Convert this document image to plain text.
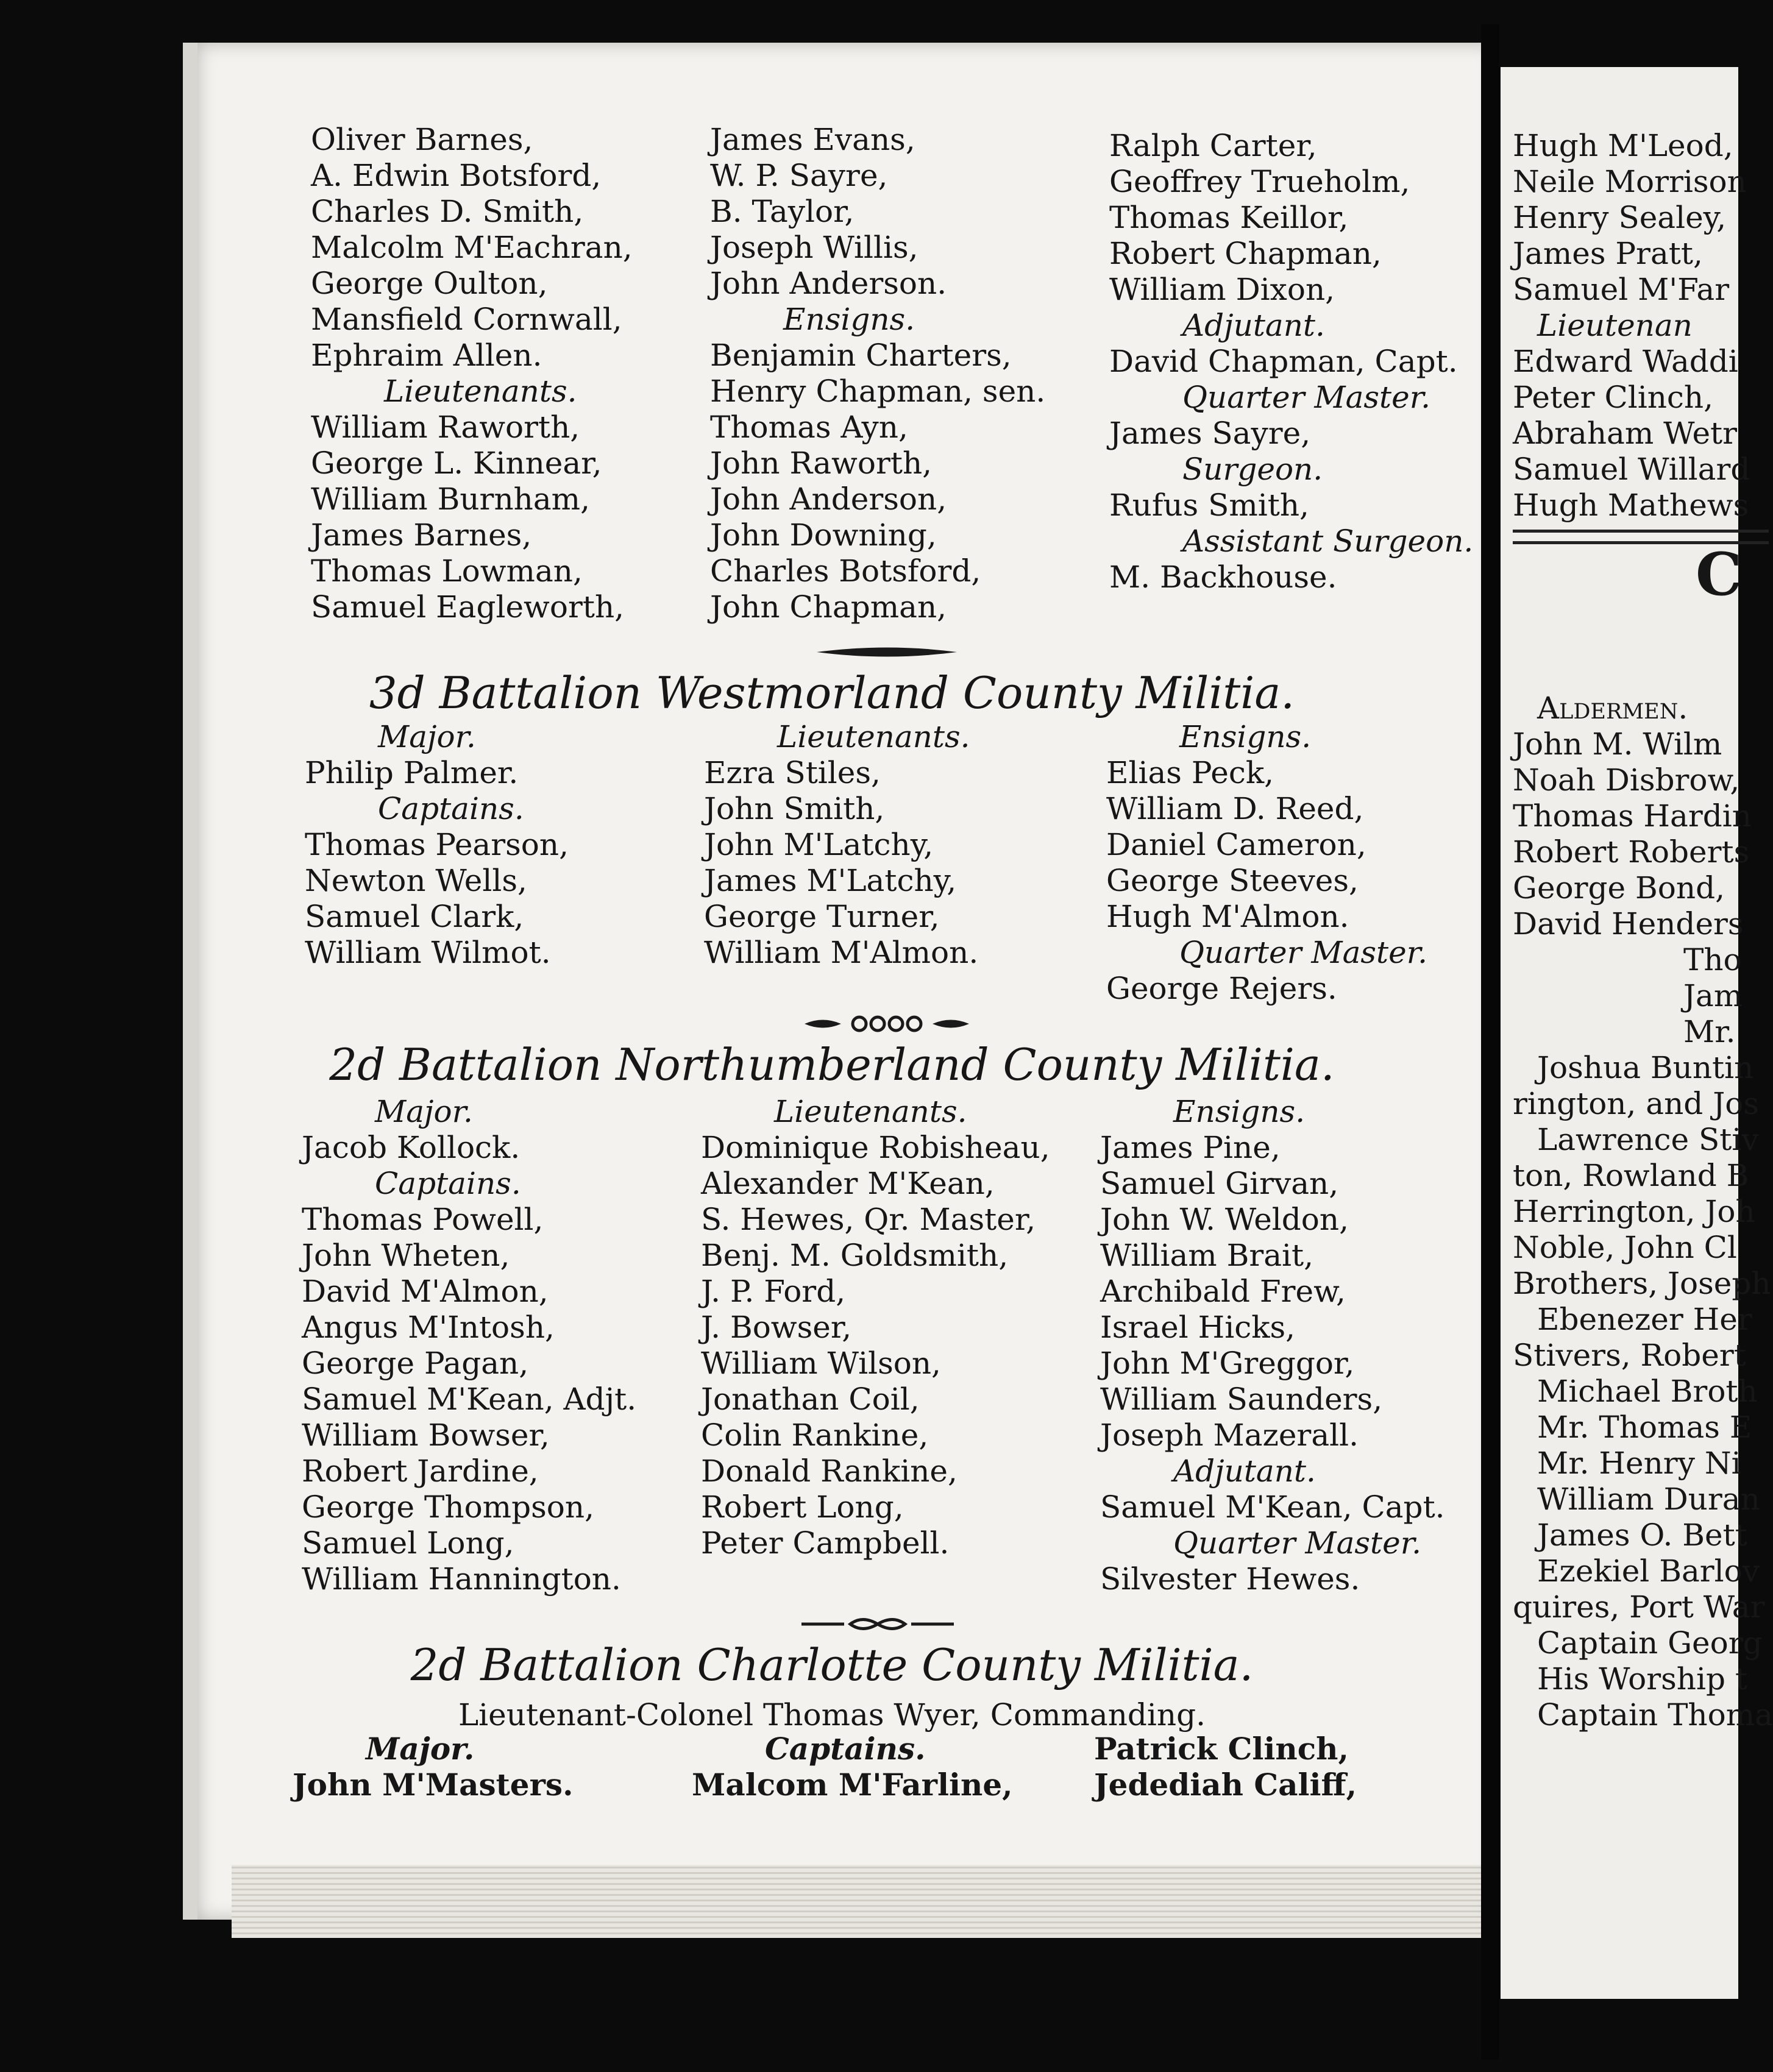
Oliver Barnes,
A. Edwin Botsford,
Charles D. Smith,
Malcolm M'Eachran,
George Oulton,
Mansfield Cornwall,
Ephraim Allen.
Lieutenants.
William Raworth,
George L. Kinnear,
William Burnham,
James Barnes,
Thomas Lowman,
Samuel Eagleworth,
James Evans,
W. P. Sayre,
B. Taylor,
Joseph Willis,
John Anderson.
Ensigns.
Benjamin Charters,
Henry Chapman, sen.
Thomas Ayn,
John Raworth,
John Anderson,
John Downing,
Charles Botsford,
John Chapman,
Ralph Carter,
Geoffrey Trueholm,
Thomas Keillor,
Robert Chapman,
William Dixon,
Adjutant.
David Chapman, Capt.
Quarter Master.
James Sayre,
Surgeon.
Rufus Smith,
Assistant Surgeon.
M. Backhouse.
3d Battalion Westmorland County Militia.
Major.
Philip Palmer.
Captains.
Thomas Pearson,
Newton Wells,
Samuel Clark,
William Wilmot.
Lieutenants.
Ezra Stiles,
John Smith,
John M'Latchy,
James M'Latchy,
George Turner,
William M'Almon.
Ensigns.
Elias Peck,
William D. Reed,
Daniel Cameron,
George Steeves,
Hugh M'Almon.
Quarter Master.
George Rejers.
2d Battalion Northumberland County Militia.
Major.
Jacob Kollock.
Captains.
Thomas Powell,
John Wheten,
David M'Almon,
Angus M'Intosh,
George Pagan,
Samuel M'Kean, Adjt.
William Bowser,
Robert Jardine,
George Thompson,
Samuel Long,
William Hannington.
Lieutenants.
Dominique Robisheau,
Alexander M'Kean,
S. Hewes, Qr. Master,
Benj. M. Goldsmith,
J. P. Ford,
J. Bowser,
William Wilson,
Jonathan Coil,
Colin Rankine,
Donald Rankine,
Robert Long,
Peter Campbell.
Ensigns.
James Pine,
Samuel Girvan,
John W. Weldon,
William Brait,
Archibald Frew,
Israel Hicks,
John M'Greggor,
William Saunders,
Joseph Mazerall.
Adjutant.
Samuel M'Kean, Capt.
Quarter Master.
Silvester Hewes.
2d Battalion Charlotte County Militia.
Lieutenant-Colonel Thomas Wyer, Commanding.
Major.
John M'Masters.
Captains.
Malcom M'Farline,
Patrick Clinch,
Jedediah Califf,
Hugh M'Leod,
Neile Morrison
Henry Sealey,
James Pratt,
Samuel M'Far
Lieutenan
Edward Waddi
Peter Clinch,
Abraham Wetr
Samuel Willard
Hugh Mathews
C
Aldermen.
John M. Wilm
Noah Disbrow,
Thomas Hardin
Robert Roberts
George Bond,
David Henders
Tho
Jam
Mr.
Joshua Buntin
rington, and Jos
Lawrence Stiv
ton, Rowland B
Herrington, Joh
Noble, John Cl
Brothers, Joseph
Ebenezer Her
Stivers, Robert
Michael Broth
Mr. Thomas E
Mr. Henry Ni
William Duran
James O. Bett
Ezekiel Barlov
quires, Port War
Captain Georg
His Worship t
Captain Thoma
